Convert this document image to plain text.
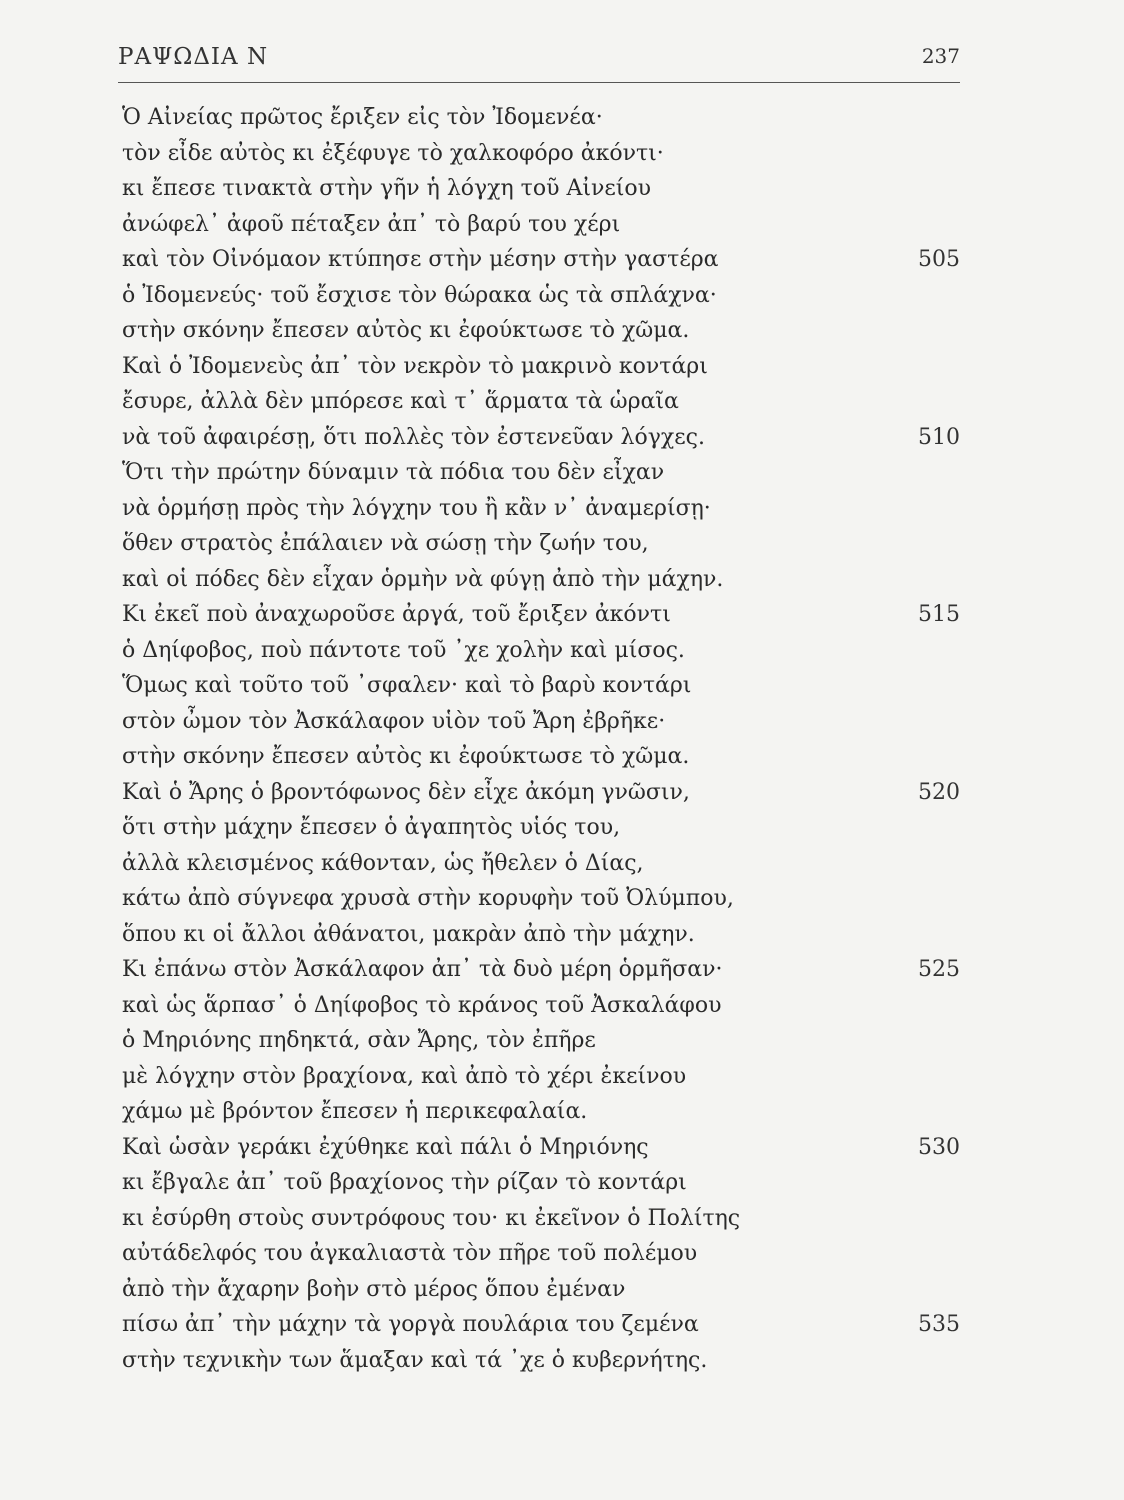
ΡΑΨΩΔΙΑ Ν	237
Ὁ Αἰνείας πρῶτος ἔριξεν εἰς τὸν Ἰδομενέα·
τὸν εἶδε αὐτὸς κι ἐξέφυγε τὸ χαλκοφόρο ἀκόντι·
κι ἔπεσε τινακτὰ στὴν γῆν ἡ λόγχη τοῦ Αἰνείου
ἀνώφελ᾽ ἀφοῦ πέταξεν ἀπ᾽ τὸ βαρύ του χέρι
καὶ τὸν Οἰνόμαον κτύπησε στὴν μέσην στὴν γαστέρα	505
ὁ Ἰδομενεύς· τοῦ ἔσχισε τὸν θώρακα ὡς τὰ σπλάχνα·
στὴν σκόνην ἔπεσεν αὐτὸς κι ἐφούκτωσε τὸ χῶμα.
Καὶ ὁ Ἰδομενεὺς ἀπ᾽ τὸν νεκρὸν τὸ μακρινὸ κοντάρι
ἔσυρε, ἀλλὰ δὲν μπόρεσε καὶ τ᾽ ἅρματα τὰ ὡραῖα
νὰ τοῦ ἀφαιρέσῃ, ὅτι πολλὲς τὸν ἐστενεῦαν λόγχες.	510
Ὅτι τὴν πρώτην δύναμιν τὰ πόδια του δὲν εἶχαν
νὰ ὁρμήσῃ πρὸς τὴν λόγχην του ἢ κἂν ν᾽ ἀναμερίσῃ·
ὅθεν στρατὸς ἐπάλαιεν νὰ σώσῃ τὴν ζωήν του,
καὶ οἱ πόδες δὲν εἶχαν ὁρμὴν νὰ φύγῃ ἀπὸ τὴν μάχην.
Κι ἐκεῖ ποὺ ἀναχωροῦσε ἀργά, τοῦ ἔριξεν ἀκόντι	515
ὁ Δηίφοβος, ποὺ πάντοτε τοῦ ᾽χε χολὴν καὶ μίσος.
Ὅμως καὶ τοῦτο τοῦ ᾽σφαλεν· καὶ τὸ βαρὺ κοντάρι
στὸν ὦμον τὸν Ἀσκάλαφον υἱὸν τοῦ Ἄρη ἐβρῆκε·
στὴν σκόνην ἔπεσεν αὐτὸς κι ἐφούκτωσε τὸ χῶμα.
Καὶ ὁ Ἄρης ὁ βροντόφωνος δὲν εἶχε ἀκόμη γνῶσιν,	520
ὅτι στὴν μάχην ἔπεσεν ὁ ἀγαπητὸς υἱός του,
ἀλλὰ κλεισμένος κάθονταν, ὡς ἤθελεν ὁ Δίας,
κάτω ἀπὸ σύγνεφα χρυσὰ στὴν κορυφὴν τοῦ Ὀλύμπου,
ὅπου κι οἱ ἄλλοι ἀθάνατοι, μακρὰν ἀπὸ τὴν μάχην.
Κι ἐπάνω στὸν Ἀσκάλαφον ἀπ᾽ τὰ δυὸ μέρη ὁρμῆσαν·	525
καὶ ὡς ἅρπασ᾽ ὁ Δηίφοβος τὸ κράνος τοῦ Ἀσκαλάφου
ὁ Μηριόνης πηδηκτά, σὰν Ἄρης, τὸν ἐπῆρε
μὲ λόγχην στὸν βραχίονα, καὶ ἀπὸ τὸ χέρι ἐκείνου
χάμω μὲ βρόντον ἔπεσεν ἡ περικεφαλαία.
Καὶ ὡσὰν γεράκι ἐχύθηκε καὶ πάλι ὁ Μηριόνης	530
κι ἔβγαλε ἀπ᾽ τοῦ βραχίονος τὴν ρίζαν τὸ κοντάρι
κι ἐσύρθη στοὺς συντρόφους του· κι ἐκεῖνον ὁ Πολίτης
αὐτάδελφός του ἀγκαλιαστὰ τὸν πῆρε τοῦ πολέμου
ἀπὸ τὴν ἄχαρην βοὴν στὸ μέρος ὅπου ἐμέναν
πίσω ἀπ᾽ τὴν μάχην τὰ γοργὰ πουλάρια του ζεμένα	535
στὴν τεχνικὴν των ἅμαξαν καὶ τά ᾽χε ὁ κυβερνήτης.
